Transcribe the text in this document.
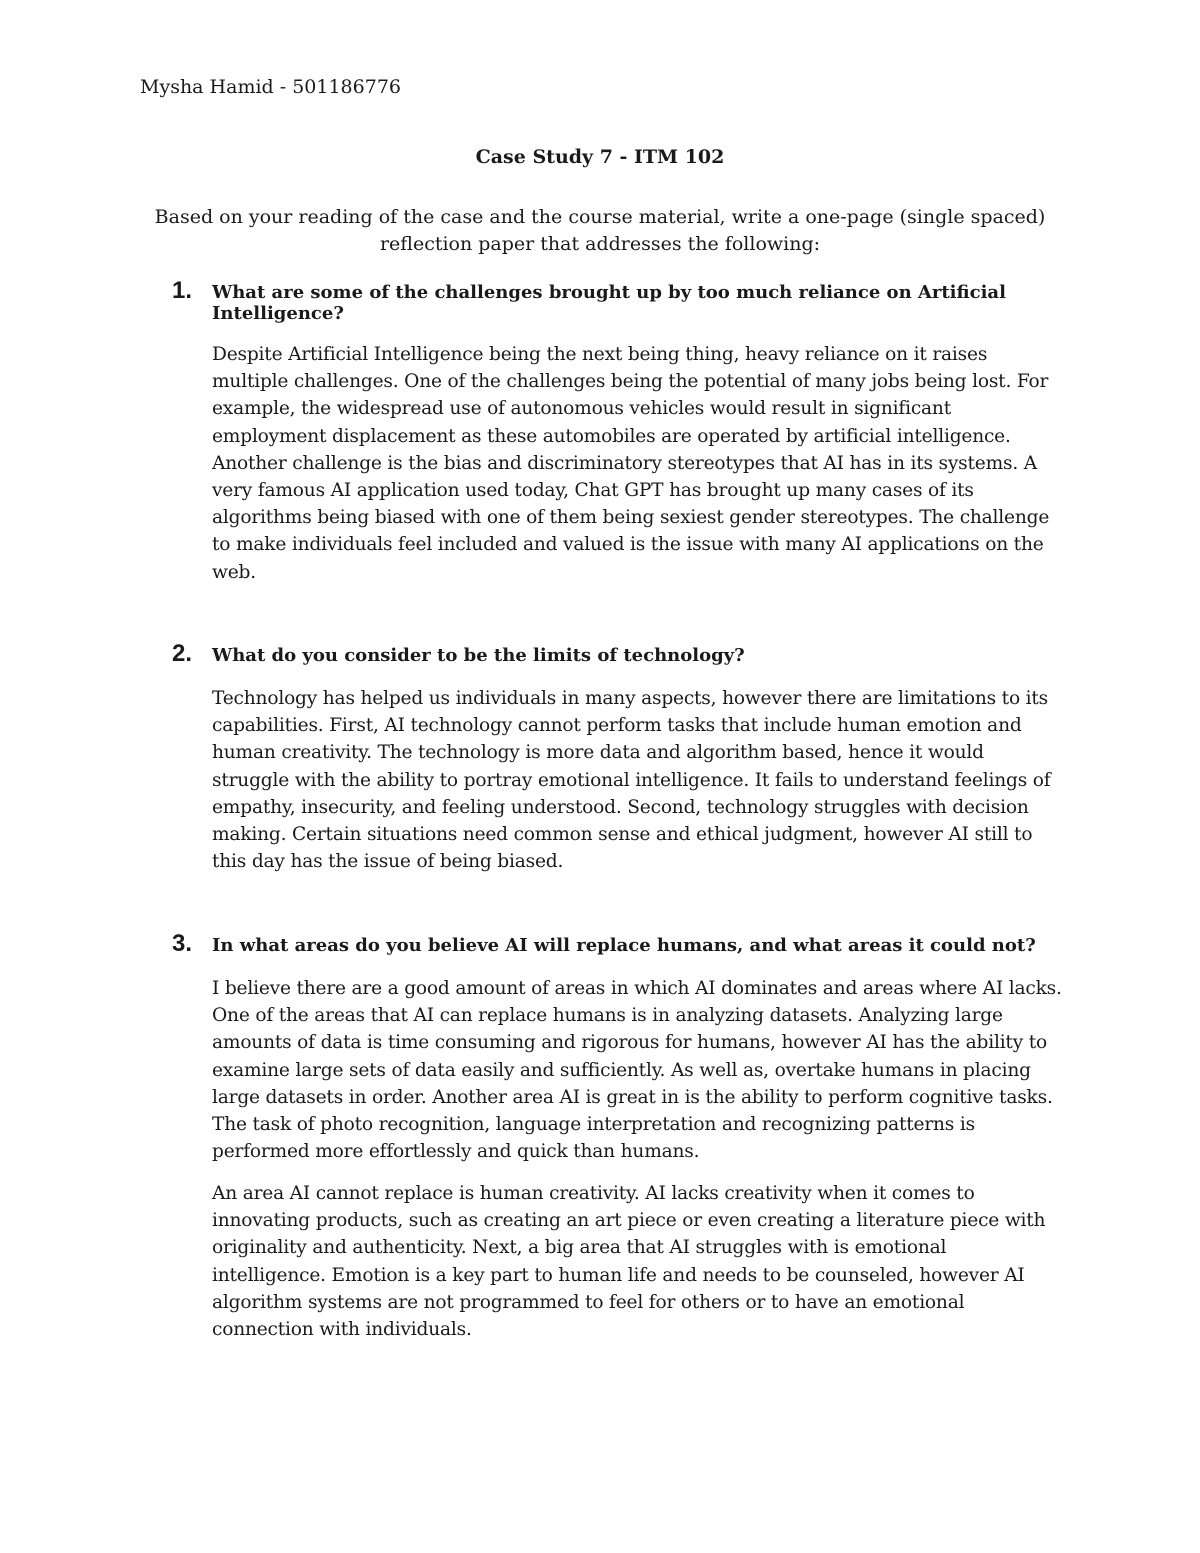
Mysha Hamid - 501186776
Case Study 7 - ITM 102
Based on your reading of the case and the course material, write a one-page (single spaced) reflection paper that addresses the following:
1.	What are some of the challenges brought up by too much reliance on Artificial Intelligence?

Despite Artificial Intelligence being the next being thing, heavy reliance on it raises multiple challenges. One of the challenges being the potential of many jobs being lost. For example, the widespread use of autonomous vehicles would result in significant employment displacement as these automobiles are operated by artificial intelligence. Another challenge is the bias and discriminatory stereotypes that AI has in its systems. A very famous AI application used today, Chat GPT has brought up many cases of its algorithms being biased with one of them being sexiest gender stereotypes. The challenge to make individuals feel included and valued is the issue with many AI applications on the web.

2.	What do you consider to be the limits of technology?

Technology has helped us individuals in many aspects, however there are limitations to its capabilities. First, AI technology cannot perform tasks that include human emotion and human creativity. The technology is more data and algorithm based, hence it would struggle with the ability to portray emotional intelligence. It fails to understand feelings of empathy, insecurity, and feeling understood. Second, technology struggles with decision making. Certain situations need common sense and ethical judgment, however AI still to this day has the issue of being biased.

3.	In what areas do you believe AI will replace humans, and what areas it could not?

I believe there are a good amount of areas in which AI dominates and areas where AI lacks. One of the areas that AI can replace humans is in analyzing datasets. Analyzing large amounts of data is time consuming and rigorous for humans, however AI has the ability to examine large sets of data easily and sufficiently. As well as, overtake humans in placing large datasets in order. Another area AI is great in is the ability to perform cognitive tasks. The task of photo recognition, language interpretation and recognizing patterns is performed more effortlessly and quick than humans.

An area AI cannot replace is human creativity. AI lacks creativity when it comes to innovating products, such as creating an art piece or even creating a literature piece with originality and authenticity. Next, a big area that AI struggles with is emotional intelligence. Emotion is a key part to human life and needs to be counseled, however AI algorithm systems are not programmed to feel for others or to have an emotional connection with individuals.
